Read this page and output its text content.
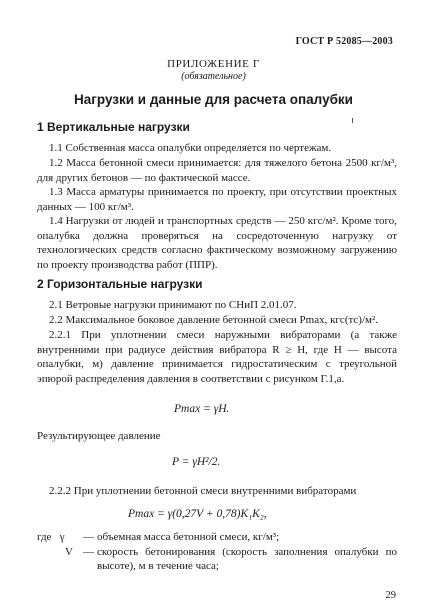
ГОСТ Р 52085—2003
ПРИЛОЖЕНИЕ Г
(обязательное)
Нагрузки и данные для расчета опалубки
1 Вертикальные нагрузки

1.1 Собственная масса опалубки определяется по чертежам.

1.2 Масса бетонной смеси принимается: для тяжелого бетона 2500 кг/м³, для других бетонов — по фактической массе.

1.3 Масса арматуры принимается по проекту, при отсутствии проектных данных — 100 кг/м³.

1.4 Нагрузки от людей и транспортных средств — 250 кгс/м². Кроме того, опалубка должна проверяться на сосредоточенную нагрузку от технологических средств согласно фактическому возможному загружению по проекту производства работ (ППР).

2 Горизонтальные нагрузки

2.1 Ветровые нагрузки принимают по СНиП 2.01.07.

2.2 Максимальное боковое давление бетонной смеси Pmax, кгс(тс)/м².

2.2.1 При уплотнении смеси наружными вибраторами (а также внутренними при радиусе действия вибратора R ≥ H, где H — высота опалубки, м) давление принимается гидростатическим с треугольной эпюрой распределения давления в соответствии с рисунком Г.1,а.

Pmax = γH.
Результирующее давление
P = γH²/2.

2.2.2 При уплотнении бетонной смеси внутренними вибраторами

Pmax = γ(0,27V + 0,78)K₁K₂,
где γ	— объемная масса бетонной смеси, кг/м³;
V — скорость бетонирования (скорость заполнения опалубки по высоте), м в течение часа;
29
